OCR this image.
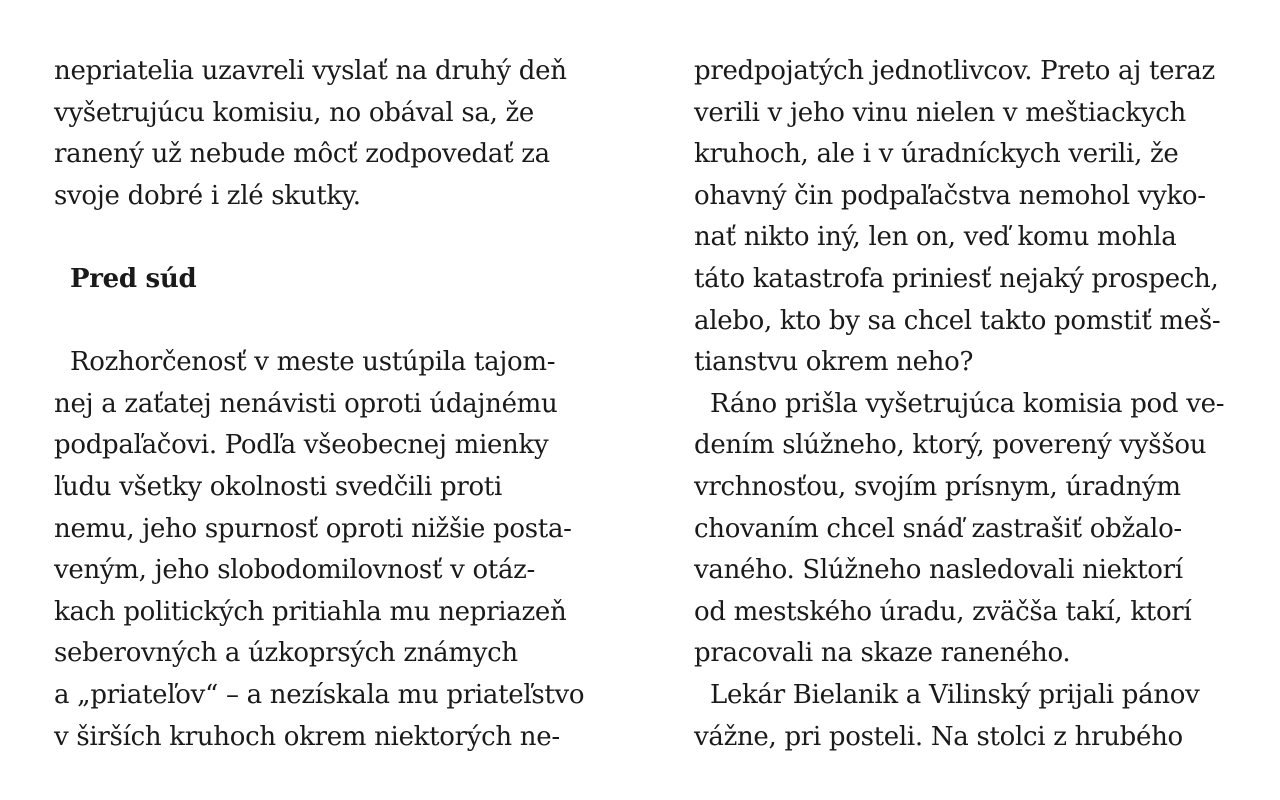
nepriatelia uzavreli vyslať na druhý deň
vyšetrujúcu komisiu, no obával sa, že
ranený už nebude môcť zodpovedať za
svoje dobré i zlé skutky.
Pred súd
Rozhorčenosť v meste ustúpila tajom-
nej a zaťatej nenávisti oproti údajnému
podpaľačovi. Podľa všeobecnej mienky
ľudu všetky okolnosti svedčili proti
nemu, jeho spurnosť oproti nižšie posta-
veným, jeho slobodomilovnosť v otáz-
kach politických pritiahla mu nepriazeň
seberovných a úzkoprsých známych
a „priateľov“ – a nezískala mu priateľstvo
v širších kruhoch okrem niektorých ne-
predpojatých jednotlivcov. Preto aj teraz
verili v jeho vinu nielen v meštiackych
kruhoch, ale i v úradníckych verili, že
ohavný čin podpaľačstva nemohol vyko-
nať nikto iný, len on, veď komu mohla
táto katastrofa priniesť nejaký prospech,
alebo, kto by sa chcel takto pomstiť meš-
tianstvu okrem neho?
Ráno prišla vyšetrujúca komisia pod ve-
dením slúžneho, ktorý, poverený vyššou
vrchnosťou, svojím prísnym, úradným
chovaním chcel snáď zastrašiť obžalo-
vaného. Slúžneho nasledovali niektorí
od mestského úradu, zväčša takí, ktorí
pracovali na skaze raneného.
Lekár Bielanik a Vilinský prijali pánov
vážne, pri posteli. Na stolci z hrubého
